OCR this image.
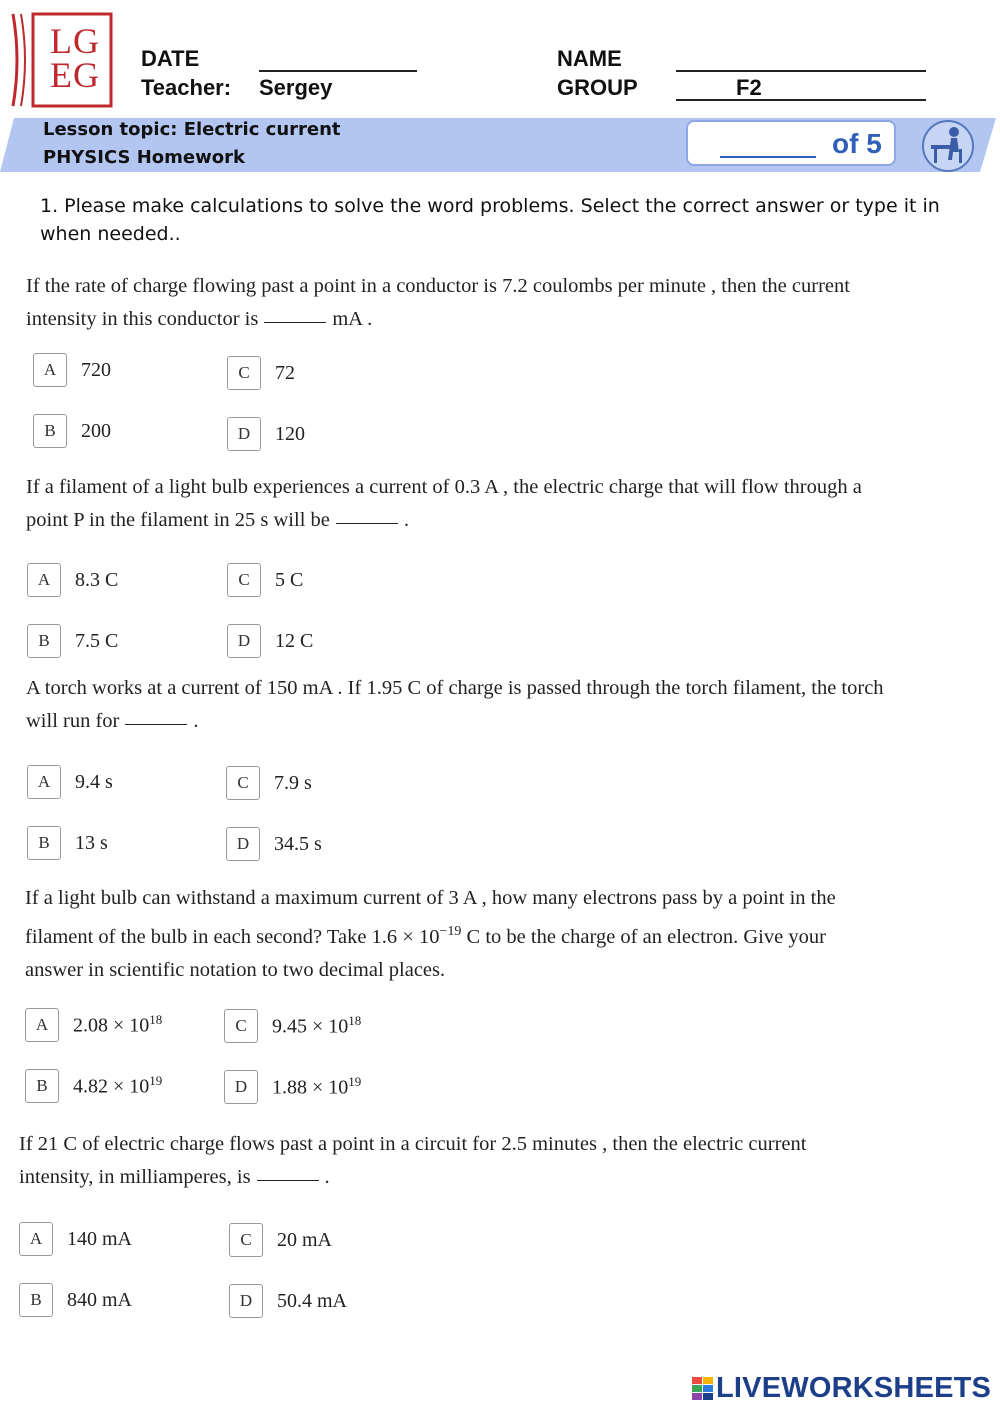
LG EG DATE
Teacher: Sergey
NAME
GROUP	F2
Lesson topic: Electric current
PHYSICS Homework	of 5
1. Please make calculations to solve the word problems. Select the correct answer or type it in when needed..
If the rate of charge flowing past a point in a conductor is 7.2 coulombs per minute , then the current
intensity in this conductor is	mA .
A	720	C	72
B	200	D	120
If a filament of a light bulb experiences a current of 0.3 A , the electric charge that will flow through a
point P in the filament in 25 s will be	.
A	8.3 C	C	5 C
B	7.5 C	D	12 C
A torch works at a current of 150 mA . If 1.95 C of charge is passed through the torch filament, the torch
will run for	.
A	9.4 s	C	7.9 s
B	13 s	D	34.5 s
If a light bulb can withstand a maximum current of 3 A , how many electrons pass by a point in the
filament of the bulb in each second? Take $1.6 \times 10^{-19}$ C to be the charge of an electron. Give your
answer in scientific notation to two decimal places.
A	$2.08 \times 10^{18}$	C	$9.45 \times 10^{18}$
B	$4.82 \times 10^{19}$	D	$1.88 \times 10^{19}$
If 21 C of electric charge flows past a point in a circuit for 2.5 minutes , then the electric current
intensity, in milliamperes, is	.
A	140 mA	C	20 mA
B	840 mA	D	50.4 mA
LIVEWORKSHEETS
